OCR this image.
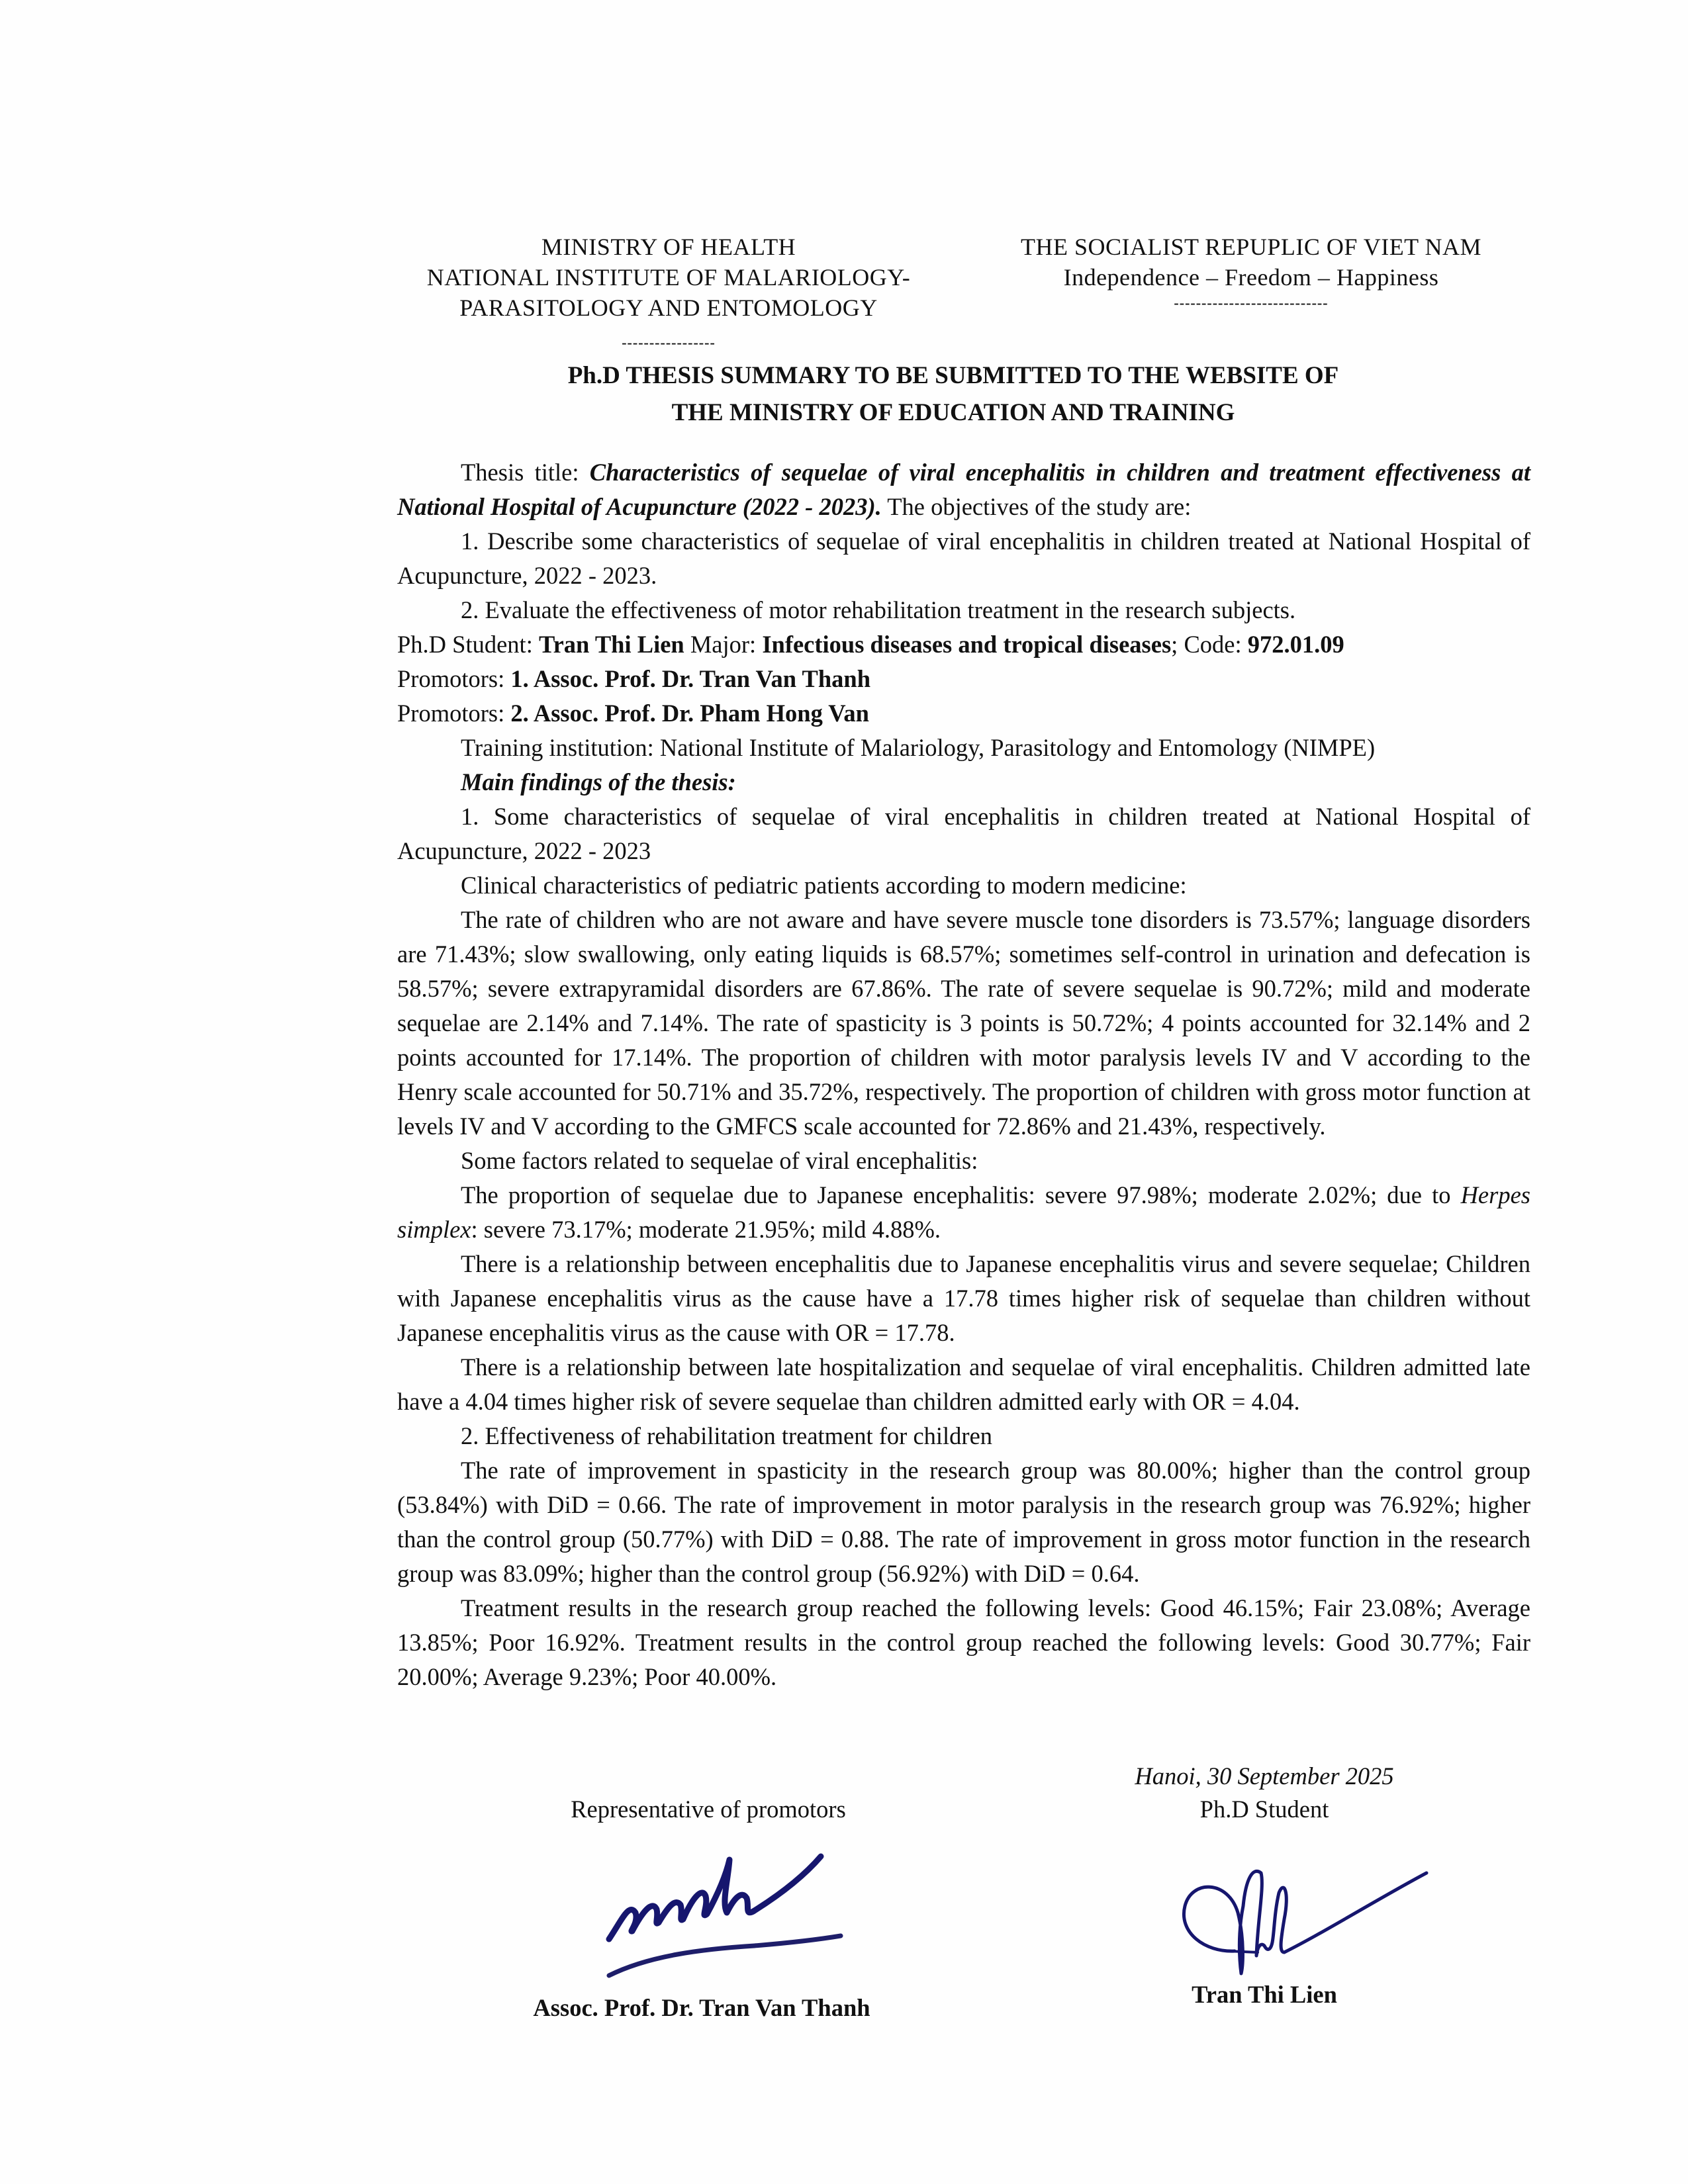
MINISTRY OF HEALTH
NATIONAL INSTITUTE OF MALARIOLOGY-
PARASITOLOGY AND ENTOMOLOGY
-----------------
THE SOCIALIST REPUPLIC OF VIET NAM
Independence – Freedom – Happiness
----------------------------
Ph.D THESIS SUMMARY TO BE SUBMITTED TO THE WEBSITE OF
THE MINISTRY OF EDUCATION AND TRAINING

Thesis title: Characteristics of sequelae of viral encephalitis in children and treatment effectiveness at National Hospital of Acupuncture (2022 - 2023). The objectives of the study are:

1. Describe some characteristics of sequelae of viral encephalitis in children treated at National Hospital of Acupuncture, 2022 - 2023.

2. Evaluate the effectiveness of motor rehabilitation treatment in the research subjects.

Ph.D Student: Tran Thi Lien Major: Infectious diseases and tropical diseases; Code: 972.01.09

Promotors: 1. Assoc. Prof. Dr. Tran Van Thanh

Promotors: 2. Assoc. Prof. Dr. Pham Hong Van

Training institution: National Institute of Malariology, Parasitology and Entomology (NIMPE)

Main findings of the thesis:

1. Some characteristics of sequelae of viral encephalitis in children treated at National Hospital of Acupuncture, 2022 - 2023

Clinical characteristics of pediatric patients according to modern medicine:

The rate of children who are not aware and have severe muscle tone disorders is 73.57%; language disorders are 71.43%; slow swallowing, only eating liquids is 68.57%; sometimes self-control in urination and defecation is 58.57%; severe extrapyramidal disorders are 67.86%. The rate of severe sequelae is 90.72%; mild and moderate sequelae are 2.14% and 7.14%. The rate of spasticity is 3 points is 50.72%; 4 points accounted for 32.14% and 2 points accounted for 17.14%. The proportion of children with motor paralysis levels IV and V according to the Henry scale accounted for 50.71% and 35.72%, respectively. The proportion of children with gross motor function at levels IV and V according to the GMFCS scale accounted for 72.86% and 21.43%, respectively.

Some factors related to sequelae of viral encephalitis:

The proportion of sequelae due to Japanese encephalitis: severe 97.98%; moderate 2.02%; due to Herpes simplex: severe 73.17%; moderate 21.95%; mild 4.88%.

There is a relationship between encephalitis due to Japanese encephalitis virus and severe sequelae; Children with Japanese encephalitis virus as the cause have a 17.78 times higher risk of sequelae than children without Japanese encephalitis virus as the cause with OR = 17.78.

There is a relationship between late hospitalization and sequelae of viral encephalitis. Children admitted late have a 4.04 times higher risk of severe sequelae than children admitted early with OR = 4.04.

2. Effectiveness of rehabilitation treatment for children

The rate of improvement in spasticity in the research group was 80.00%; higher than the control group (53.84%) with DiD = 0.66. The rate of improvement in motor paralysis in the research group was 76.92%; higher than the control group (50.77%) with DiD = 0.88. The rate of improvement in gross motor function in the research group was 83.09%; higher than the control group (56.92%) with DiD = 0.64.

Treatment results in the research group reached the following levels: Good 46.15%; Fair 23.08%; Average 13.85%; Poor 16.92%. Treatment results in the control group reached the following levels: Good 30.77%; Fair 20.00%; Average 9.23%; Poor 40.00%.

Hanoi, 30 September 2025
Representative of promotors	Ph.D Student
Assoc. Prof. Dr. Tran Van Thanh	Tran Thi Lien
